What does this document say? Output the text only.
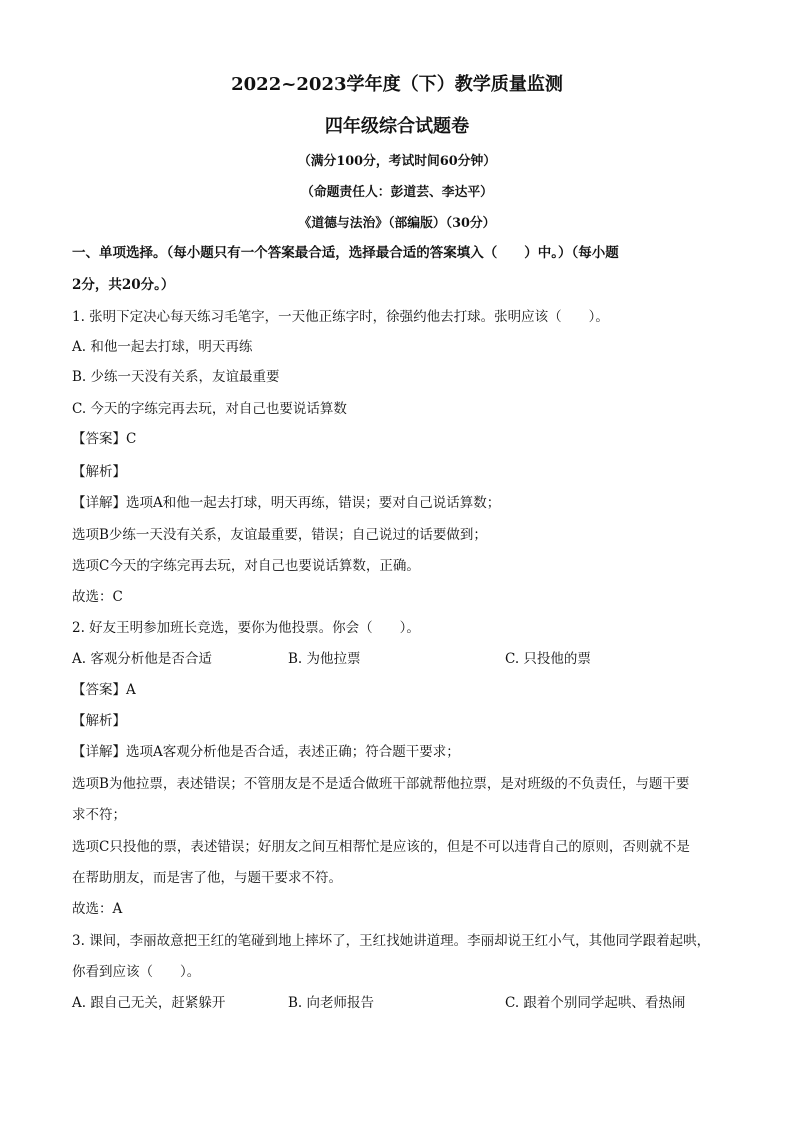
2022~2023学年度（下）教学质量监测
四年级综合试题卷
（满分100分，考试时间60分钟）
（命题责任人：彭道芸、李达平）
《道德与法治》（部编版）（30分）
一、单项选择。（每小题只有一个答案最合适，选择最合适的答案填入（　　）中。）（每小题
2分，共20分。）
1. 张明下定决心每天练习毛笔字，一天他正练字时，徐强约他去打球。张明应该（　　）。
A. 和他一起去打球，明天再练
B. 少练一天没有关系，友谊最重要
C. 今天的字练完再去玩，对自己也要说话算数
【答案】C
【解析】
【详解】选项A和他一起去打球，明天再练，错误；要对自己说话算数；
选项B少练一天没有关系，友谊最重要，错误；自己说过的话要做到；
选项C今天的字练完再去玩，对自己也要说话算数，正确。
故选：C
2. 好友王明参加班长竞选，要你为他投票。你会（　　）。
A. 客观分析他是否合适	B. 为他拉票	C. 只投他的票
【答案】A
【解析】
【详解】选项A客观分析他是否合适，表述正确；符合题干要求；
选项B为他拉票，表述错误；不管朋友是不是适合做班干部就帮他拉票，是对班级的不负责任，与题干要
求不符；
选项C只投他的票，表述错误；好朋友之间互相帮忙是应该的，但是不可以违背自己的原则，否则就不是
在帮助朋友，而是害了他，与题干要求不符。
故选：A
3. 课间，李丽故意把王红的笔碰到地上摔坏了，王红找她讲道理。李丽却说王红小气，其他同学跟着起哄，
你看到应该（　　）。
A. 跟自己无关，赶紧躲开	B. 向老师报告	C. 跟着个别同学起哄、看热闹
